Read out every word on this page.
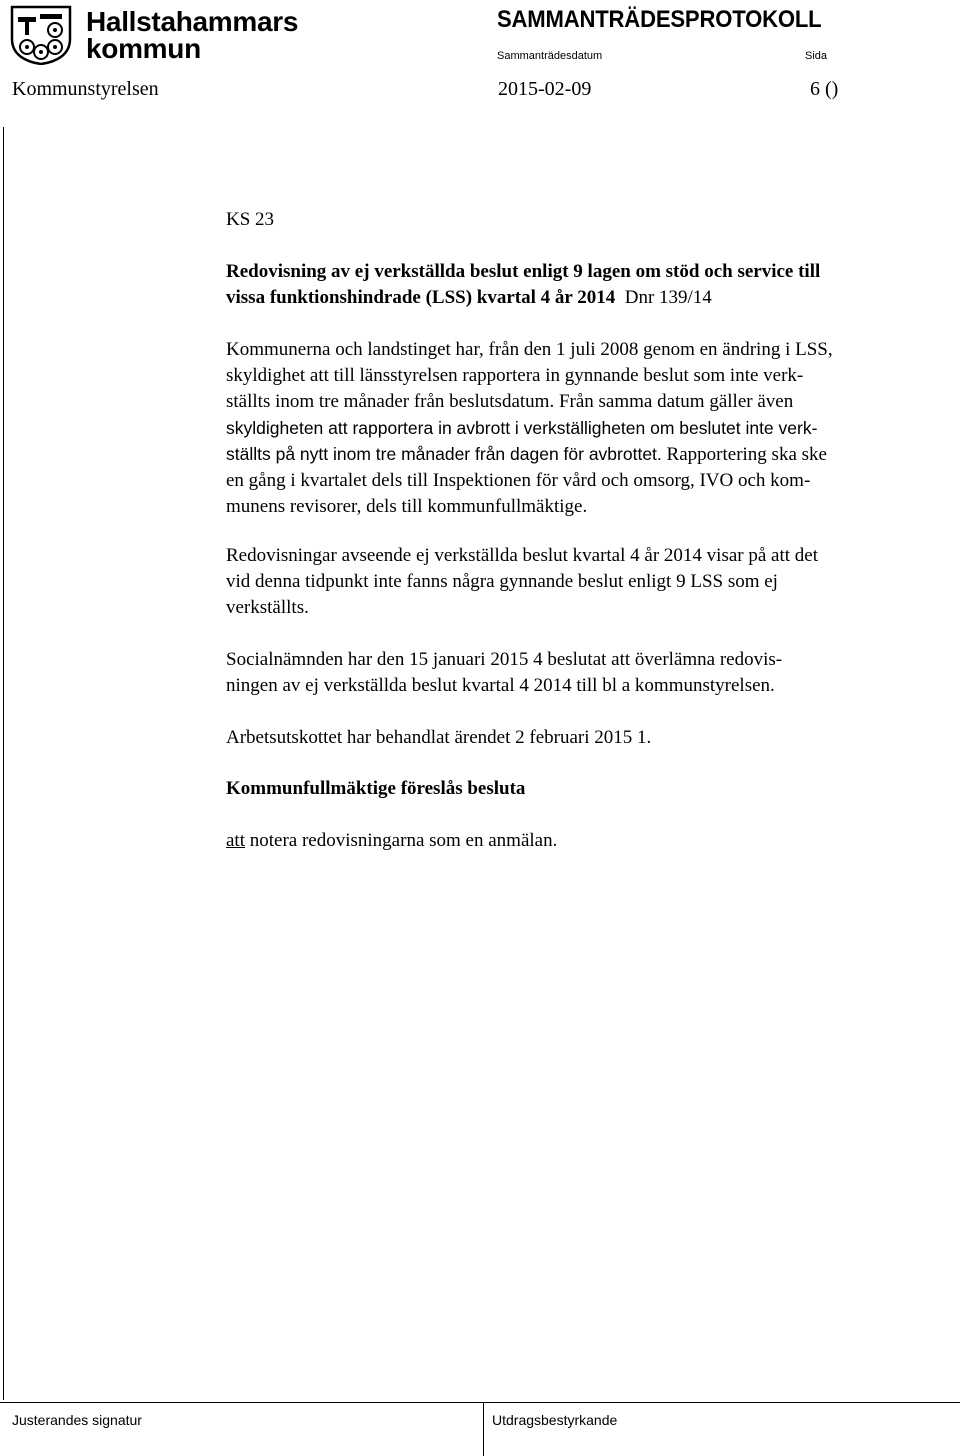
Hallstahammars
kommun
SAMMANTRÄDESPROTOKOLL
Sammanträdesdatum	Sida
Kommunstyrelsen	2015-02-09	6 ()
KS 23
Redovisning av ej verkställda beslut enligt 9 lagen om stöd och service till
vissa funktionshindrade (LSS) kvartal 4 år 2014 Dnr 139/14
Kommunerna och landstinget har, från den 1 juli 2008 genom en ändring i LSS,
skyldighet att till länsstyrelsen rapportera in gynnande beslut som inte verk-
ställts inom tre månader från beslutsdatum. Från samma datum gäller även
skyldigheten att rapportera in avbrott i verkställigheten om beslutet inte verk-
ställts på nytt inom tre månader från dagen för avbrottet. Rapportering ska ske
en gång i kvartalet dels till Inspektionen för vård och omsorg, IVO och kom-
munens revisorer, dels till kommunfullmäktige.
Redovisningar avseende ej verkställda beslut kvartal 4 år 2014 visar på att det
vid denna tidpunkt inte fanns några gynnande beslut enligt 9 LSS som ej
verkställts.
Socialnämnden har den 15 januari 2015 4 beslutat att överlämna redovis-
ningen av ej verkställda beslut kvartal 4 2014 till bl a kommunstyrelsen.
Arbetsutskottet har behandlat ärendet 2 februari 2015 1.
Kommunfullmäktige föreslås besluta
att notera redovisningarna som en anmälan.
Justerandes signatur	Utdragsbestyrkande
